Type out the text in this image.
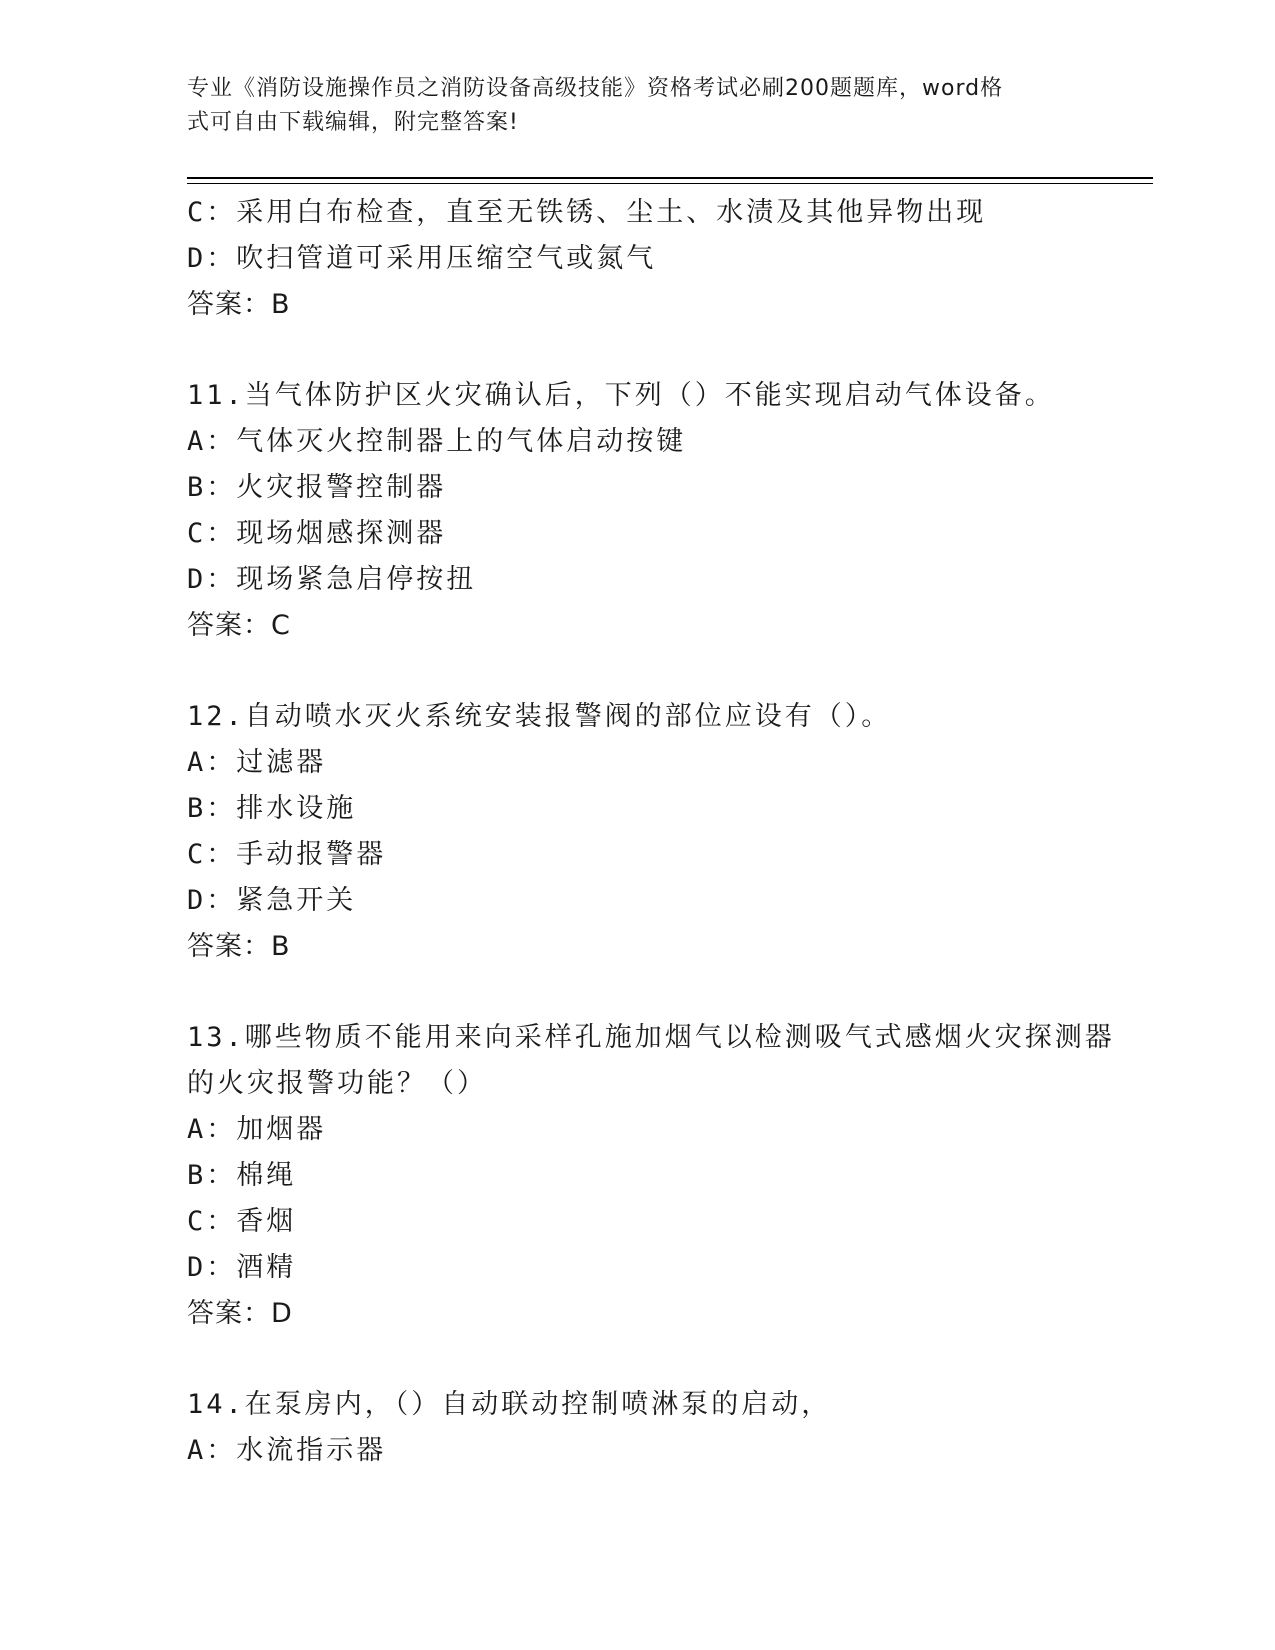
专业《消防设施操作员之消防设备高级技能》资格考试必刷200题题库，word格
式可自由下载编辑，附完整答案!
C：采用白布检查，直至无铁锈、尘土、水渍及其他异物出现
D：吹扫管道可采用压缩空气或氮气
答案：B
11.当气体防护区火灾确认后，下列（）不能实现启动气体设备。
A：气体灭火控制器上的气体启动按键
B：火灾报警控制器
C：现场烟感探测器
D：现场紧急启停按扭
答案：C
12.自动喷水灭火系统安装报警阀的部位应设有（）。
A：过滤器
B：排水设施
C：手动报警器
D：紧急开关
答案：B
13.哪些物质不能用来向采样孔施加烟气以检测吸气式感烟火灾探测器
的火灾报警功能？（）
A：加烟器
B：棉绳
C：香烟
D：酒精
答案：D
14.在泵房内，（）自动联动控制喷淋泵的启动，
A：水流指示器
